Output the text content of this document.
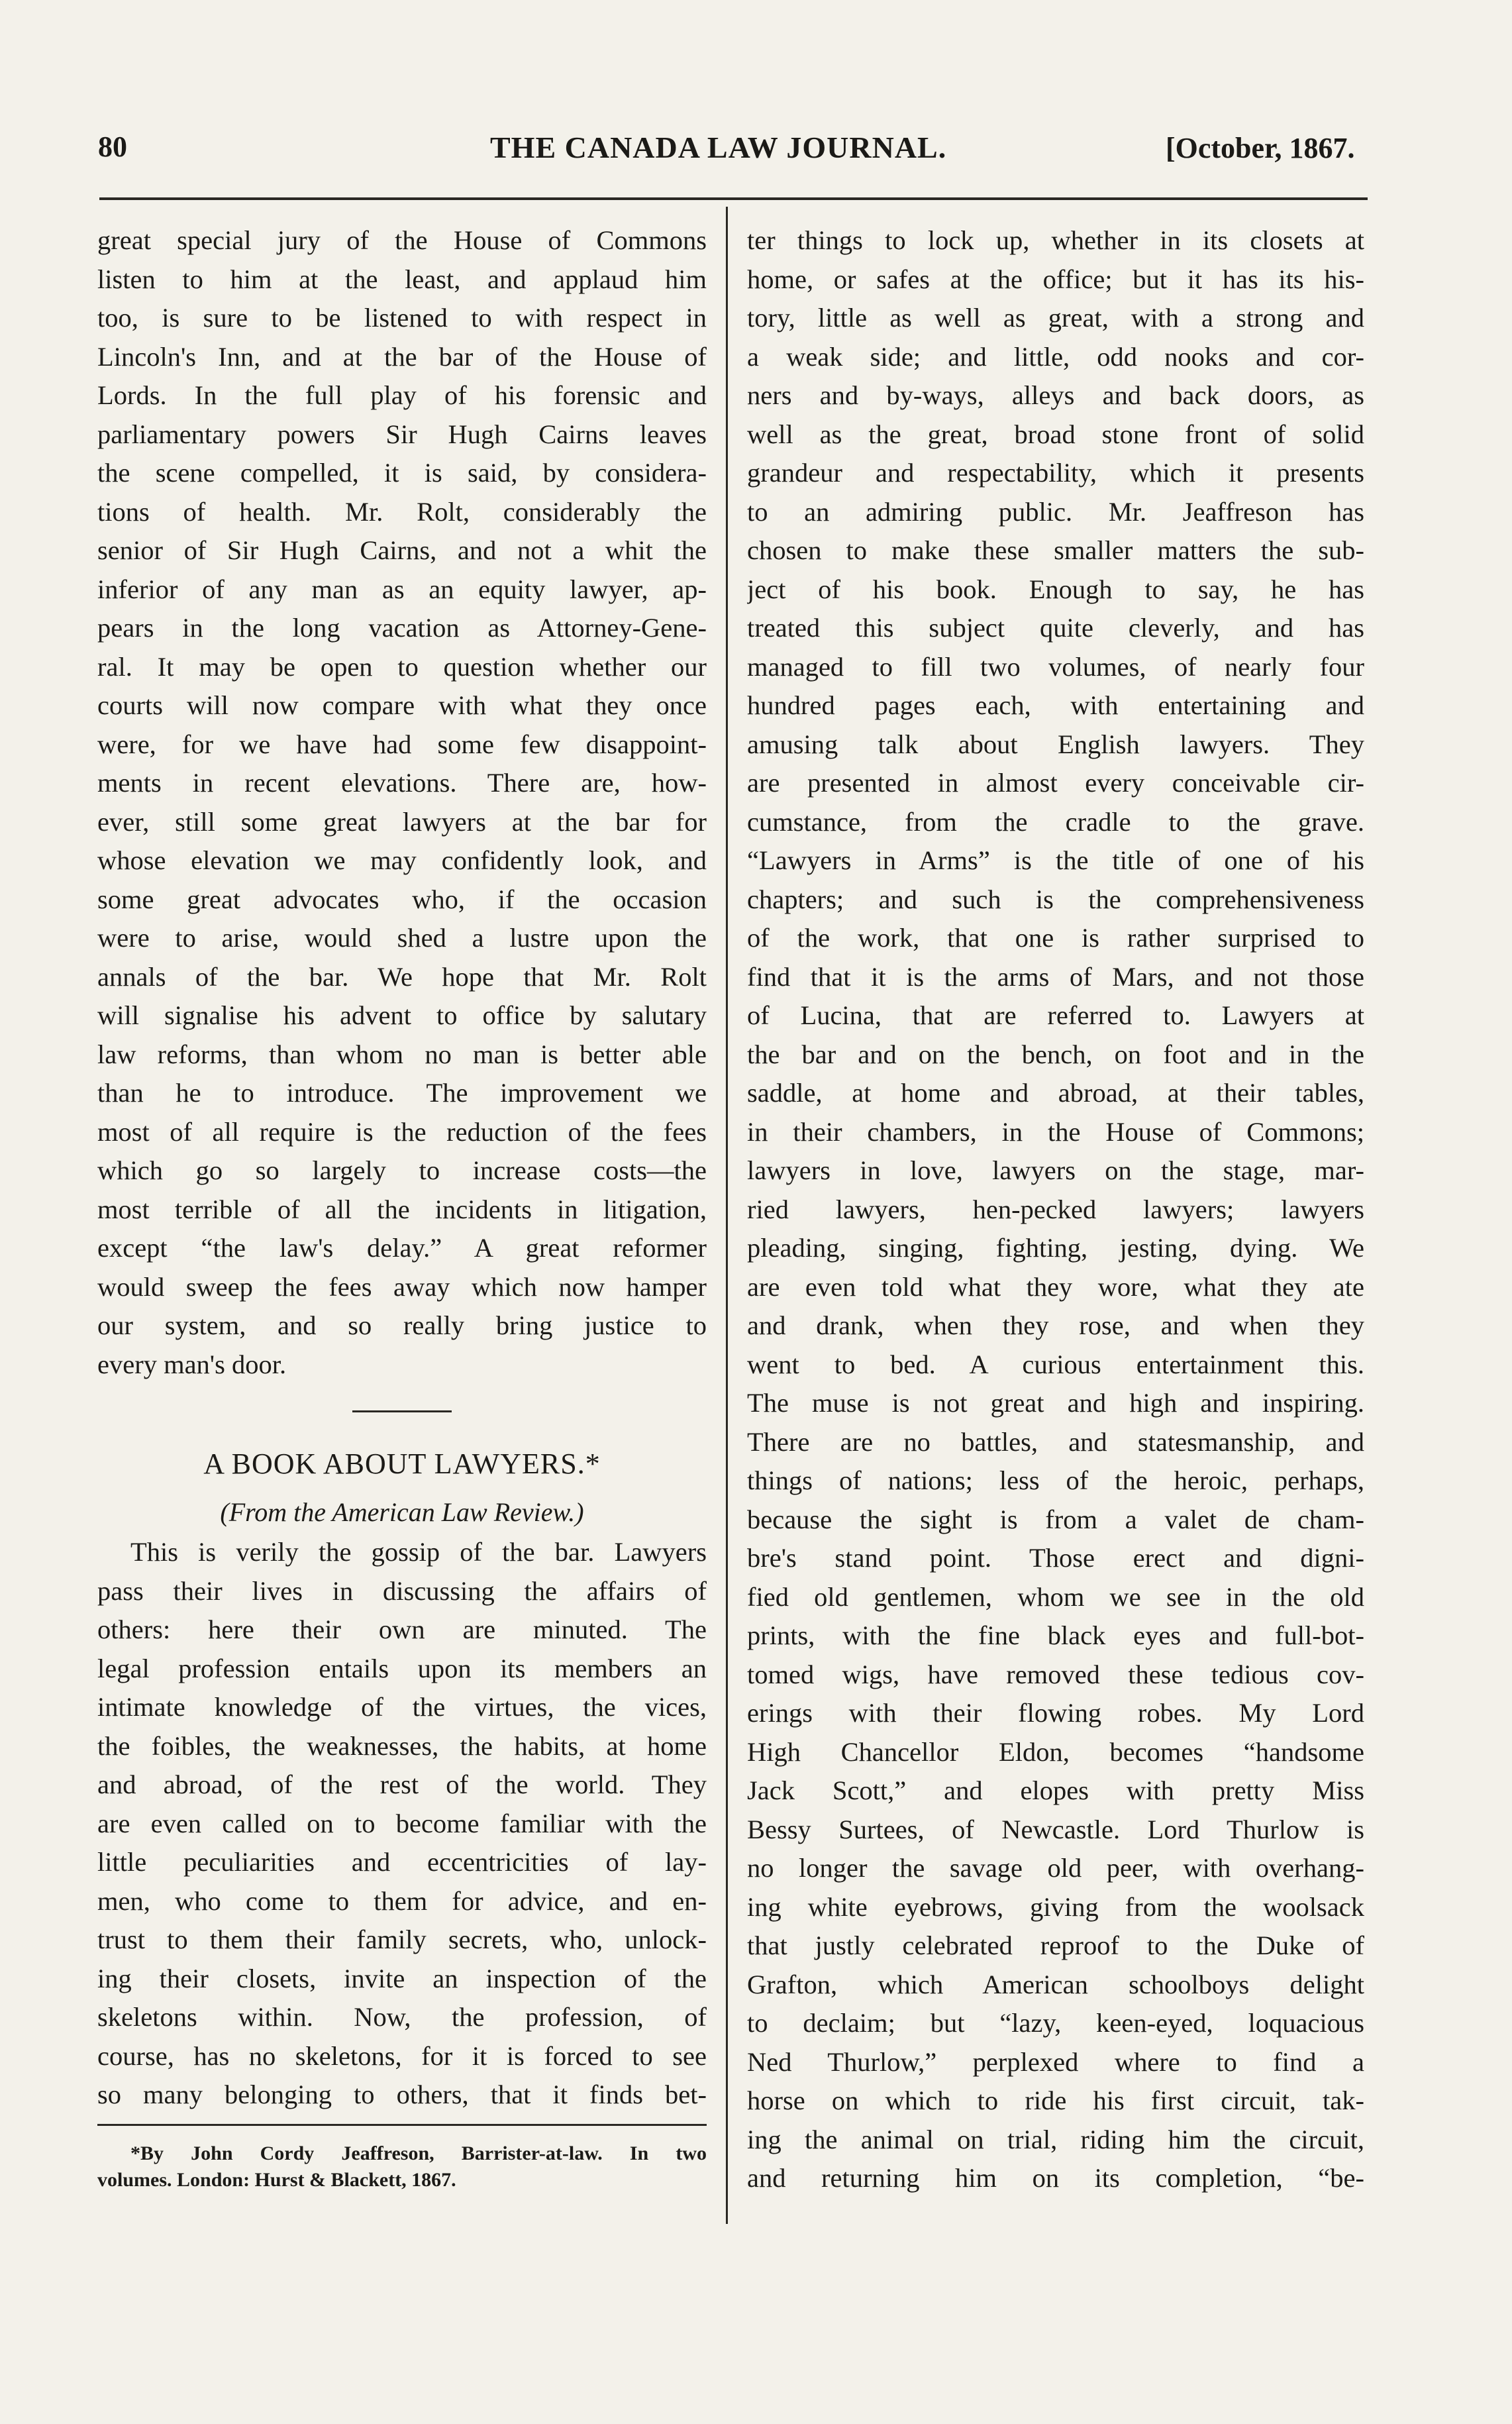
80	THE CANADA LAW JOURNAL.	[October, 1867.
great special jury of the House of Commons
listen to him at the least, and applaud him
too, is sure to be listened to with respect in
Lincoln's Inn, and at the bar of the House of
Lords. In the full play of his forensic and
parliamentary powers Sir Hugh Cairns leaves
the scene compelled, it is said, by considera-
tions of health. Mr. Rolt, considerably the
senior of Sir Hugh Cairns, and not a whit the
inferior of any man as an equity lawyer, ap-
pears in the long vacation as Attorney-Gene-
ral. It may be open to question whether our
courts will now compare with what they once
were, for we have had some few disappoint-
ments in recent elevations. There are, how-
ever, still some great lawyers at the bar for
whose elevation we may confidently look, and
some great advocates who, if the occasion
were to arise, would shed a lustre upon the
annals of the bar. We hope that Mr. Rolt
will signalise his advent to office by salutary
law reforms, than whom no man is better able
than he to introduce. The improvement we
most of all require is the reduction of the fees
which go so largely to increase costs—the
most terrible of all the incidents in litigation,
except “the law's delay.” A great reformer
would sweep the fees away which now hamper
our system, and so really bring justice to
every man's door.
A BOOK ABOUT LAWYERS.*
(From the American Law Review.)
This is verily the gossip of the bar. Lawyers
pass their lives in discussing the affairs of
others: here their own are minuted. The
legal profession entails upon its members an
intimate knowledge of the virtues, the vices,
the foibles, the weaknesses, the habits, at home
and abroad, of the rest of the world. They
are even called on to become familiar with the
little peculiarities and eccentricities of lay-
men, who come to them for advice, and en-
trust to them their family secrets, who, unlock-
ing their closets, invite an inspection of the
skeletons within. Now, the profession, of
course, has no skeletons, for it is forced to see
so many belonging to others, that it finds bet-
*By John Cordy Jeaffreson, Barrister-at-law. In two
volumes. London: Hurst & Blackett, 1867.
ter things to lock up, whether in its closets at
home, or safes at the office; but it has its his-
tory, little as well as great, with a strong and
a weak side; and little, odd nooks and cor-
ners and by-ways, alleys and back doors, as
well as the great, broad stone front of solid
grandeur and respectability, which it presents
to an admiring public. Mr. Jeaffreson has
chosen to make these smaller matters the sub-
ject of his book. Enough to say, he has
treated this subject quite cleverly, and has
managed to fill two volumes, of nearly four
hundred pages each, with entertaining and
amusing talk about English lawyers. They
are presented in almost every conceivable cir-
cumstance, from the cradle to the grave.
“Lawyers in Arms” is the title of one of his
chapters; and such is the comprehensiveness
of the work, that one is rather surprised to
find that it is the arms of Mars, and not those
of Lucina, that are referred to. Lawyers at
the bar and on the bench, on foot and in the
saddle, at home and abroad, at their tables,
in their chambers, in the House of Commons;
lawyers in love, lawyers on the stage, mar-
ried lawyers, hen-pecked lawyers; lawyers
pleading, singing, fighting, jesting, dying. We
are even told what they wore, what they ate
and drank, when they rose, and when they
went to bed. A curious entertainment this.
The muse is not great and high and inspiring.
There are no battles, and statesmanship, and
things of nations; less of the heroic, perhaps,
because the sight is from a valet de cham-
bre's stand point. Those erect and digni-
fied old gentlemen, whom we see in the old
prints, with the fine black eyes and full-bot-
tomed wigs, have removed these tedious cov-
erings with their flowing robes. My Lord
High Chancellor Eldon, becomes “handsome
Jack Scott,” and elopes with pretty Miss
Bessy Surtees, of Newcastle. Lord Thurlow is
no longer the savage old peer, with overhang-
ing white eyebrows, giving from the woolsack
that justly celebrated reproof to the Duke of
Grafton, which American schoolboys delight
to declaim; but “lazy, keen-eyed, loquacious
Ned Thurlow,” perplexed where to find a
horse on which to ride his first circuit, tak-
ing the animal on trial, riding him the circuit,
and returning him on its completion, “be-
